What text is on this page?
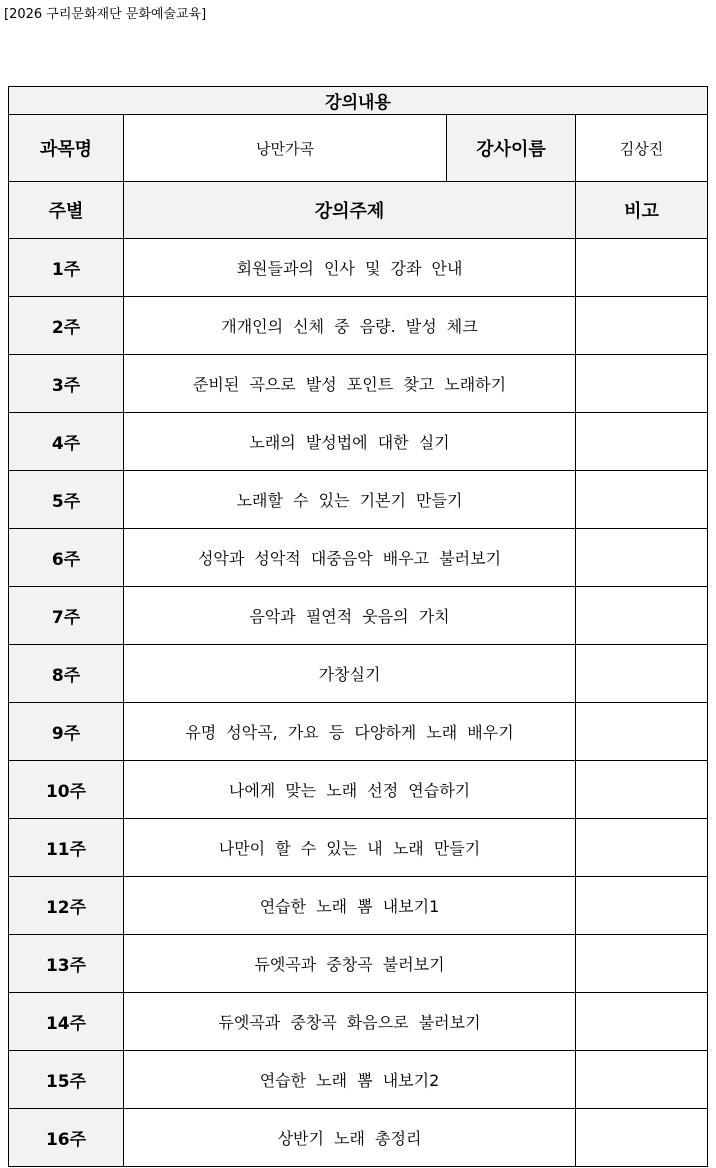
[2026 구리문화재단 문화예술교육]
강의내용			
과목명	낭만가곡	강사이름	김상진
주별	강의주제		비고
1주	회원들과의 인사 및 강좌 안내		
2주	개개인의 신체 중 음량. 발성 체크		
3주	준비된 곡으로 발성 포인트 찾고 노래하기		
4주	노래의 발성법에 대한 실기		
5주	노래할 수 있는 기본기 만들기		
6주	성악과 성악적 대중음악 배우고 불러보기		
7주	음악과 필연적 웃음의 가치		
8주	가창실기		
9주	유명 성악곡, 가요 등 다양하게 노래 배우기		
10주	나에게 맞는 노래 선정 연습하기		
11주	나만이 할 수 있는 내 노래 만들기		
12주	연습한 노래 뽐 내보기1		
13주	듀엣곡과 중창곡 불러보기		
14주	듀엣곡과 중창곡 화음으로 불러보기		
15주	연습한 노래 뽐 내보기2		
16주	상반기 노래 총정리		
